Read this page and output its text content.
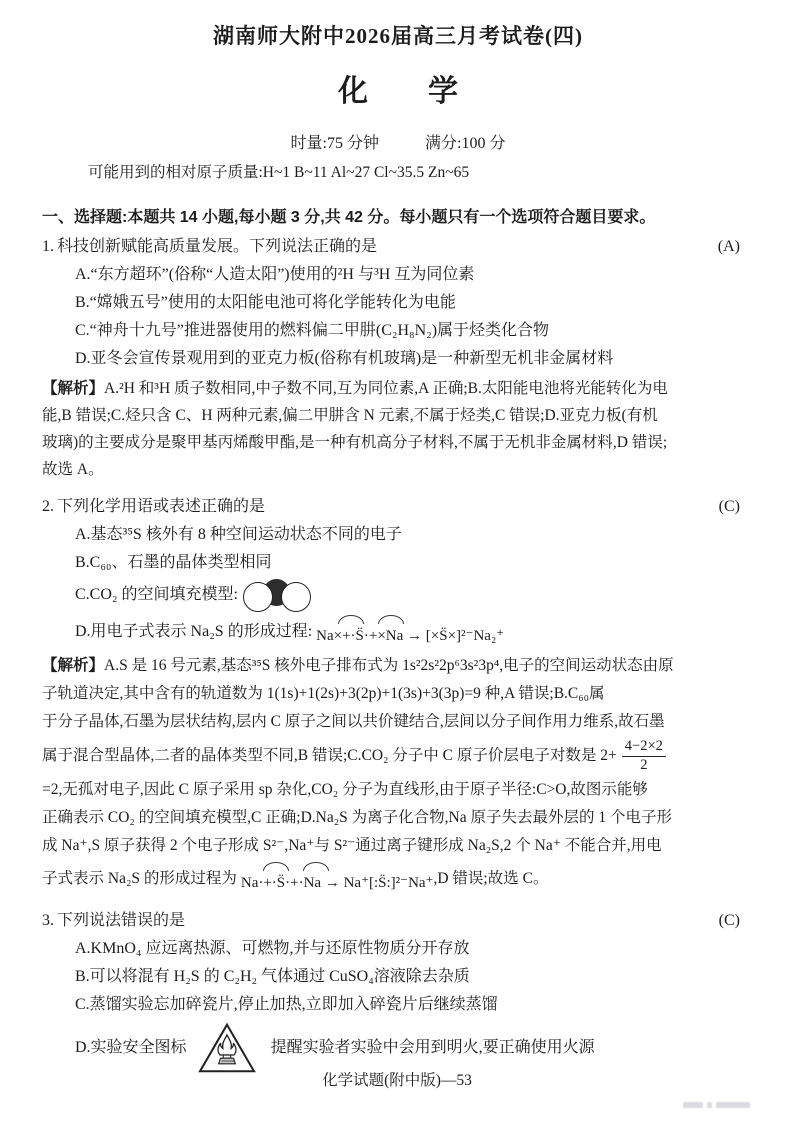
湖南师大附中2026届高三月考试卷(四)
化　　学
时量:75 分钟	满分:100 分
可能用到的相对原子质量:H~1 B~11 Al~27 Cl~35.5 Zn~65
一、选择题:本题共 14 小题,每小题 3 分,共 42 分。每小题只有一个选项符合题目要求。
1. 科技创新赋能高质量发展。下列说法正确的是	(A)
A.“东方超环”(俗称“人造太阳”)使用的²H 与³H 互为同位素
B.“嫦娥五号”使用的太阳能电池可将化学能转化为电能
C.“神舟十九号”推进器使用的燃料偏二甲肼(C₂H₈N₂)属于烃类化合物
D.亚冬会宣传景观用到的亚克力板(俗称有机玻璃)是一种新型无机非金属材料
【解析】A.²H 和³H 质子数相同,中子数不同,互为同位素,A 正确;B.太阳能电池将光能转化为电
能,B 错误;C.烃只含 C、H 两种元素,偏二甲肼含 N 元素,不属于烃类,C 错误;D.亚克力板(有机
玻璃)的主要成分是聚甲基丙烯酸甲酯,是一种有机高分子材料,不属于无机非金属材料,D 错误;
故选 A。
2. 下列化学用语或表述正确的是	(C)
A.基态³⁵S 核外有 8 种空间运动状态不同的电子
B.C₆₀、石墨的晶体类型相同
C.CO₂ 的空间填充模型:
D.用电子式表示 Na₂S 的形成过程: Na×+·S̈·+×Na → [×S̈×]²⁻Na₂⁺
【解析】A.S 是 16 号元素,基态³⁵S 核外电子排布式为 1s²2s²2p⁶3s²3p⁴,电子的空间运动状态由原
子轨道决定,其中含有的轨道数为 1(1s)+1(2s)+3(2p)+1(3s)+3(3p)=9 种,A 错误;B.C₆₀属
于分子晶体,石墨为层状结构,层内 C 原子之间以共价键结合,层间以分子间作用力维系,故石墨
属于混合型晶体,二者的晶体类型不同,B 错误;C.CO₂ 分子中 C 原子价层电子对数是 $2+ \frac{4-2\times 2}{2}$
=2,无孤对电子,因此 C 原子采用 sp 杂化,CO₂ 分子为直线形,由于原子半径:C>O,故图示能够
正确表示 CO₂ 的空间填充模型,C 正确;D.Na₂S 为离子化合物,Na 原子失去最外层的 1 个电子形
成 Na⁺,S 原子获得 2 个电子形成 S²⁻,Na⁺与 S²⁻通过离子键形成 Na₂S,2 个 Na⁺ 不能合并,用电
子式表示 Na₂S 的形成过程为 Na·+·S̈·+·Na → Na⁺[:S̈:]²⁻Na⁺ ,D 错误;故选 C。
3. 下列说法错误的是	(C)
A.KMnO₄ 应远离热源、可燃物,并与还原性物质分开存放
B.可以将混有 H₂S 的 C₂H₂ 气体通过 CuSO₄溶液除去杂质
C.蒸馏实验忘加碎瓷片,停止加热,立即加入碎瓷片后继续蒸馏
D.实验安全图标	提醒实验者实验中会用到明火,要正确使用火源
化学试题(附中版)—53
